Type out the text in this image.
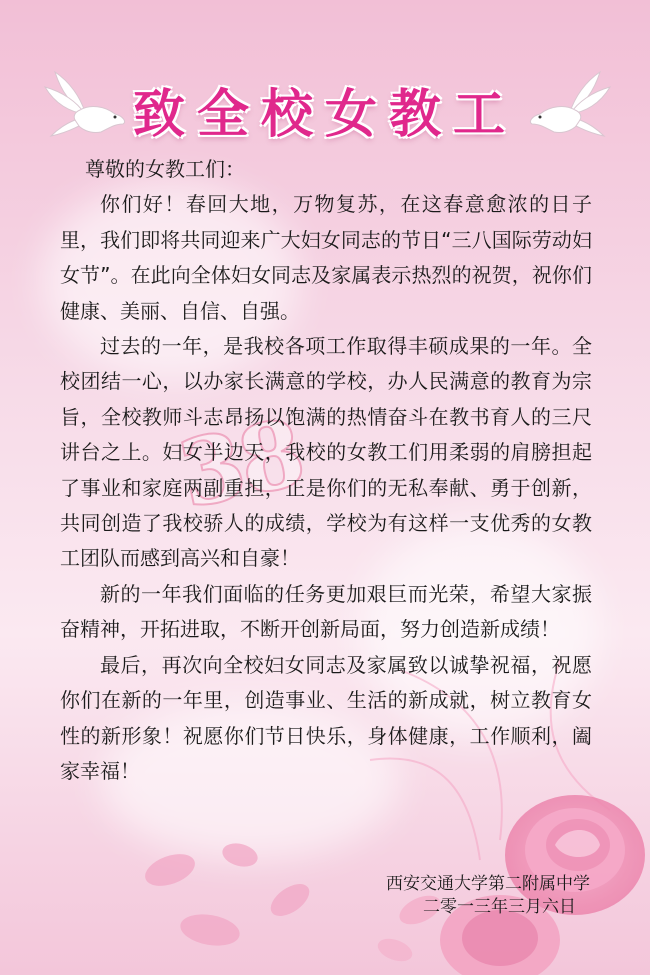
致全校女教工
38

尊敬的女教工们：

你们好！春回大地，万物复苏，在这春意愈浓的日子里，我们即将共同迎来广大妇女同志的节日“三八国际劳动妇女节”。在此向全体妇女同志及家属表示热烈的祝贺，祝你们健康、美丽、自信、自强。

过去的一年，是我校各项工作取得丰硕成果的一年。全校团结一心，以办家长满意的学校，办人民满意的教育为宗旨，全校教师斗志昂扬以饱满的热情奋斗在教书育人的三尺讲台之上。妇女半边天，我校的女教工们用柔弱的肩膀担起了事业和家庭两副重担，正是你们的无私奉献、勇于创新，共同创造了我校骄人的成绩，学校为有这样一支优秀的女教工团队而感到高兴和自豪！

新的一年我们面临的任务更加艰巨而光荣，希望大家振奋精神，开拓进取，不断开创新局面，努力创造新成绩！

最后，再次向全校妇女同志及家属致以诚挚祝福，祝愿你们在新的一年里，创造事业、生活的新成就，树立教育女性的新形象！祝愿你们节日快乐，身体健康，工作顺利，阖家幸福！

西安交通大学第二附属中学
二零一三年三月六日
